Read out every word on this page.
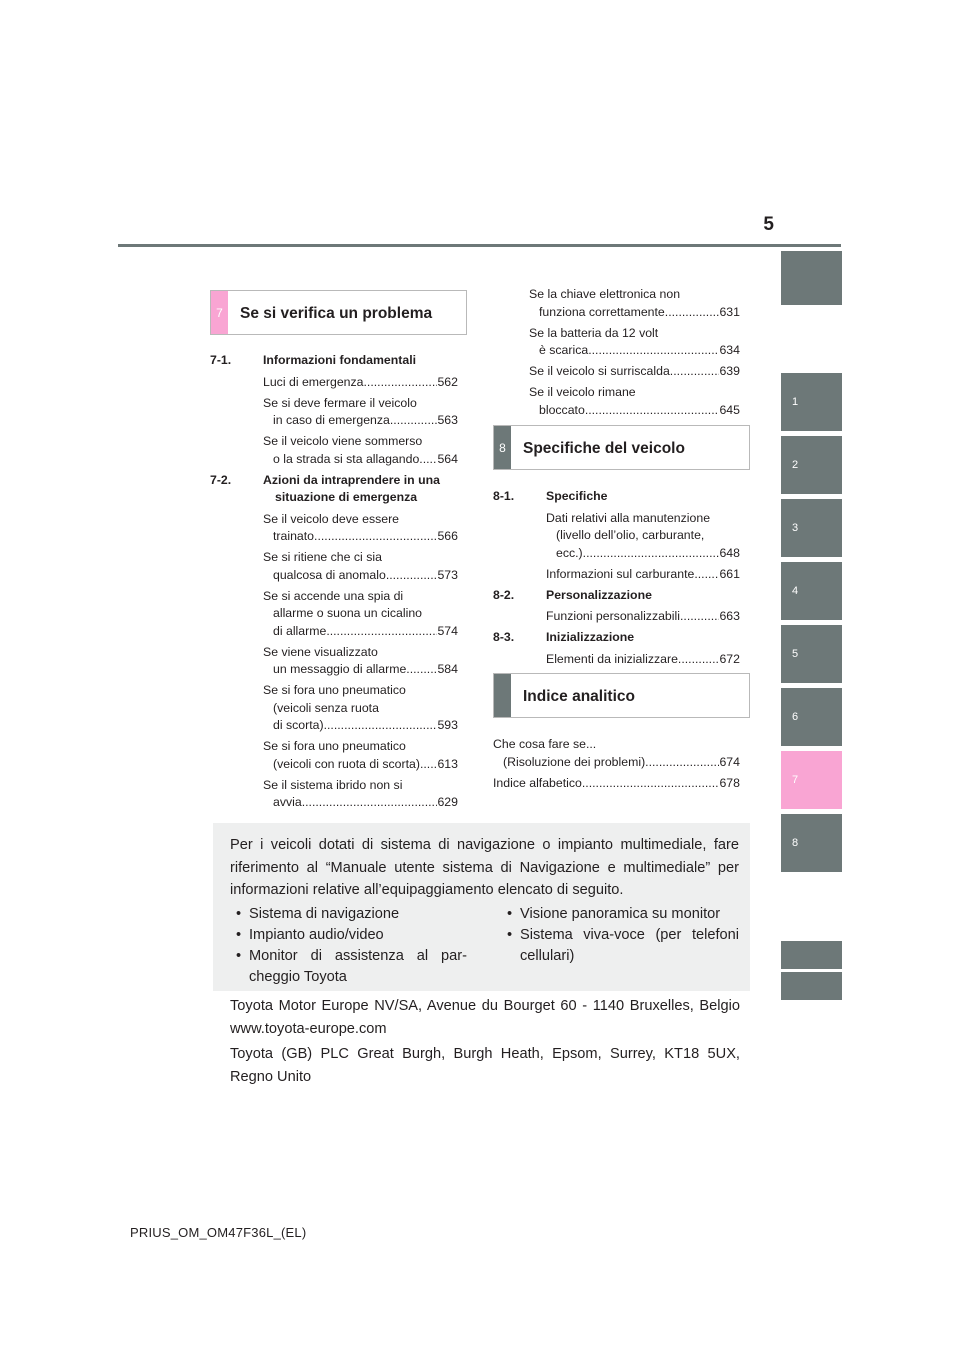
5
1
2
3
4
5
6
7
8
7	Se si verifica un problema
8	Specifiche del veicolo
Indice analitico
7-1.	Informazioni fondamentali
Luci di emergenza .....	562
Se si deve fermare il veicolo
in caso di emergenza .....	563
Se il veicolo viene sommerso
o la strada si sta allagando ..... 564
7-2.	Azioni da intraprendere in una
situazione di emergenza
Se il veicolo deve essere
trainato .....	566
Se si ritiene che ci sia
qualcosa di anomalo .....	573
Se si accende una spia di
allarme o suona un cicalino
di allarme .....	574
Se viene visualizzato
un messaggio di allarme .....	584
Se si fora uno pneumatico
(veicoli senza ruota
di scorta) .....	593
Se si fora uno pneumatico
(veicoli con ruota di scorta) ..... 613
Se il sistema ibrido non si
avvia .....	629
Se la chiave elettronica non
funziona correttamente .....	631
Se la batteria da 12 volt
è scarica .....	634
Se il veicolo si surriscalda .....	639
Se il veicolo rimane
bloccato .....	645
8-1.	Specifiche
Dati relativi alla manutenzione
(livello dell’olio, carburante,
ecc.) .....	648
Informazioni sul carburante ..... 661
8-2.	Personalizzazione
Funzioni personalizzabili .....	663
8-3.	Inizializzazione
Elementi da inizializzare .....	672
Che cosa fare se...
(Risoluzione dei problemi) .....	674
Indice alfabetico .....	678

Per i veicoli dotati di sistema di navigazione o impianto multimediale, fare riferimento al “Manuale utente sistema di Navigazione e multimediale” per informazioni relative all’equipaggiamento elencato di seguito.

• Sistema di navigazione
• Impianto audio/video
• Monitor di assistenza al par-cheggio Toyota
• Visione panoramica su monitor
• Sistema viva-voce (per telefoni cellulari)

Toyota Motor Europe NV/SA, Avenue du Bourget 60 - 1140 Bruxelles, Belgio www.toyota-europe.com

Toyota (GB) PLC Great Burgh, Burgh Heath, Epsom, Surrey, KT18 5UX, Regno Unito

PRIUS_OM_OM47F36L_(EL)
